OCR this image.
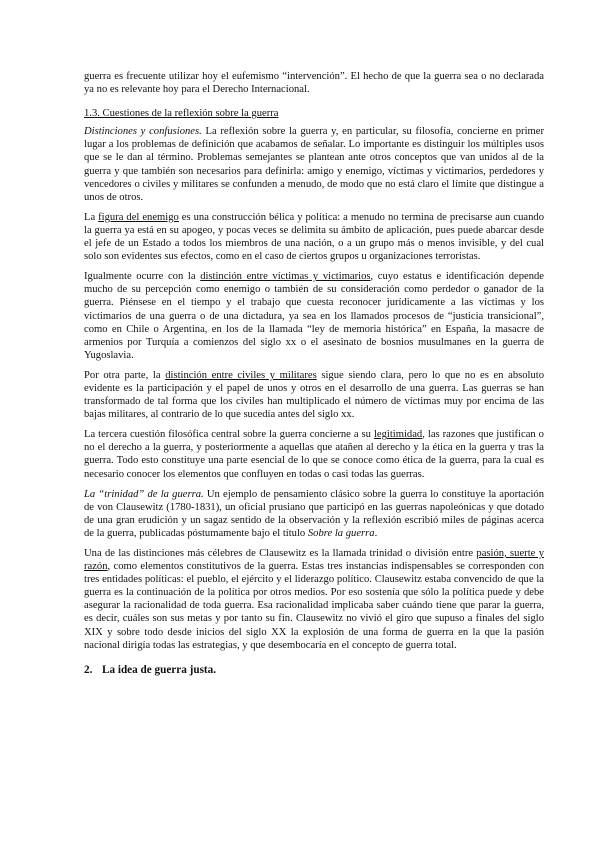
guerra es frecuente utilizar hoy el eufemismo “intervención”. El hecho de que la guerra sea o no declarada ya no es relevante hoy para el Derecho Internacional.

1.3. Cuestiones de la reflexión sobre la guerra

Distinciones y confusiones. La reflexión sobre la guerra y, en particular, su filosofía, concierne en primer lugar a los problemas de definición que acabamos de señalar. Lo importante es distinguir los múltiples usos que se le dan al término. Problemas semejantes se plantean ante otros conceptos que van unidos al de la guerra y que también son necesarios para definirla: amigo y enemigo, víctimas y victimarios, perdedores y vencedores o civiles y militares se confunden a menudo, de modo que no está claro el límite que distingue a unos de otros.

La figura del enemigo es una construcción bélica y política: a menudo no termina de precisarse aun cuando la guerra ya está en su apogeo, y pocas veces se delimita su ámbito de aplicación, pues puede abarcar desde el jefe de un Estado a todos los miembros de una nación, o a un grupo más o menos invisible, y del cual solo son evidentes sus efectos, como en el caso de ciertos grupos u organizaciones terroristas.

Igualmente ocurre con la distinción entre víctimas y victimarios, cuyo estatus e identificación depende mucho de su percepción como enemigo o también de su consideración como perdedor o ganador de la guerra. Piénsese en el tiempo y el trabajo que cuesta reconocer jurídicamente a las víctimas y los victimarios de una guerra o de una dictadura, ya sea en los llamados procesos de “justicia transicional”, como en Chile o Argentina, en los de la llamada “ley de memoria histórica” en España, la masacre de armenios por Turquía a comienzos del siglo xx o el asesinato de bosnios musulmanes en la guerra de Yugoslavia.

Por otra parte, la distinción entre civiles y militares sigue siendo clara, pero lo que no es en absoluto evidente es la participación y el papel de unos y otros en el desarrollo de una guerra. Las guerras se han transformado de tal forma que los civiles han multiplicado el número de víctimas muy por encima de las bajas militares, al contrario de lo que sucedía antes del siglo xx.

La tercera cuestión filosófica central sobre la guerra concierne a su legitimidad, las razones que justifican o no el derecho a la guerra, y posteriormente a aquellas que atañen al derecho y la ética en la guerra y tras la guerra. Todo esto constituye una parte esencial de lo que se conoce como ética de la guerra, para la cual es necesario conocer los elementos que confluyen en todas o casi todas las guerras.

La “trinidad” de la guerra. Un ejemplo de pensamiento clásico sobre la guerra lo constituye la aportación de von Clausewitz (1780-1831), un oficial prusiano que participó en las guerras napoleónicas y que dotado de una gran erudición y un sagaz sentido de la observación y la reflexión escribió miles de páginas acerca de la guerra, publicadas póstumamente bajo el título Sobre la guerra.

Una de las distinciones más célebres de Clausewitz es la llamada trinidad o división entre pasión, suerte y razón, como elementos constitutivos de la guerra. Estas tres instancias indispensables se corresponden con tres entidades políticas: el pueblo, el ejército y el liderazgo político. Clausewitz estaba convencido de que la guerra es la continuación de la política por otros medios. Por eso sostenía que sólo la política puede y debe asegurar la racionalidad de toda guerra. Esa racionalidad implicaba saber cuándo tiene que parar la guerra, es decir, cuáles son sus metas y por tanto su fin. Clausewitz no vivió el giro que supuso a finales del siglo XIX y sobre todo desde inicios del siglo XX la explosión de una forma de guerra en la que la pasión nacional dirigía todas las estrategias, y que desembocaría en el concepto de guerra total.

2. La idea de guerra justa.
